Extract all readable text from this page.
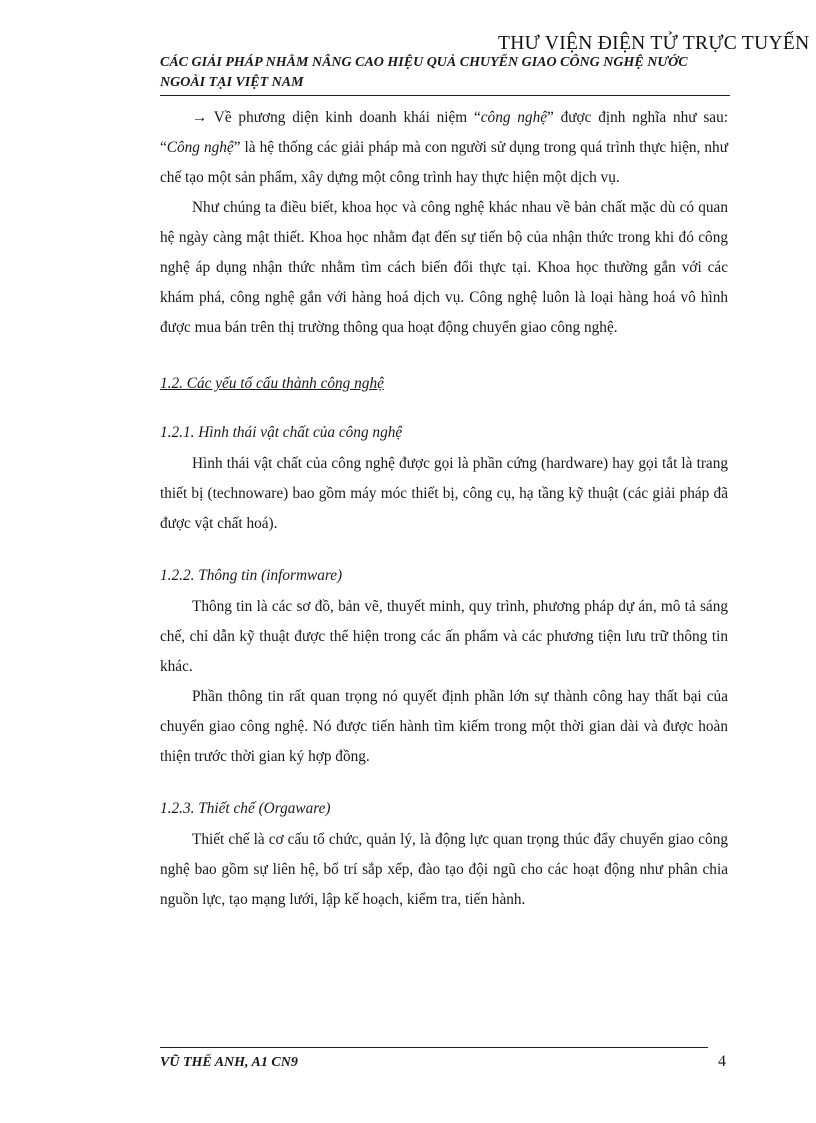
THƯ VIỆN ĐIỆN TỬ TRỰC TUYẾN
CÁC GIẢI PHÁP NHẰM NÂNG CAO HIỆU QUẢ CHUYỂN GIAO CÔNG NGHỆ NƯỚC NGOÀI TẠI VIỆT NAM

→ Về phương diện kinh doanh khái niệm “công nghệ” được định nghĩa như sau: “Công nghệ” là hệ thống các giải pháp mà con người sử dụng trong quá trình thực hiện, như chế tạo một sản phẩm, xây dựng một công trình hay thực hiện một dịch vụ.

Như chúng ta điều biết, khoa học và công nghệ khác nhau về bản chất mặc dù có quan hệ ngày càng mật thiết. Khoa học nhằm đạt đến sự tiến bộ của nhận thức trong khi đó công nghệ áp dụng nhận thức nhằm tìm cách biến đổi thực tại. Khoa học thường gắn với các khám phá, công nghệ gắn với hàng hoá dịch vụ. Công nghệ luôn là loại hàng hoá vô hình được mua bán trên thị trường thông qua hoạt động chuyển giao công nghệ.

1.2. Các yếu tố cấu thành công nghệ
1.2.1. Hình thái vật chất của công nghệ

Hình thái vật chất của công nghệ được gọi là phần cứng (hardware) hay gọi tắt là trang thiết bị (technoware) bao gồm máy móc thiết bị, công cụ, hạ tầng kỹ thuật (các giải pháp đã được vật chất hoá).

1.2.2. Thông tin (informware)

Thông tin là các sơ đồ, bản vẽ, thuyết minh, quy trình, phương pháp dự án, mô tả sáng chế, chỉ dẫn kỹ thuật được thể hiện trong các ấn phẩm và các phương tiện lưu trữ thông tin khác.

Phần thông tin rất quan trọng nó quyết định phần lớn sự thành công hay thất bại của chuyển giao công nghệ. Nó được tiến hành tìm kiếm trong một thời gian dài và được hoàn thiện trước thời gian ký hợp đồng.

1.2.3. Thiết chế (Orgaware)

Thiết chế là cơ cấu tổ chức, quản lý, là động lực quan trọng thúc đẩy chuyển giao công nghệ bao gồm sự liên hệ, bố trí sắp xếp, đào tạo đội ngũ cho các hoạt động như phân chia nguồn lực, tạo mạng lưới, lập kế hoạch, kiểm tra, tiến hành.

VŨ THẾ ANH, A1 CN9	4
